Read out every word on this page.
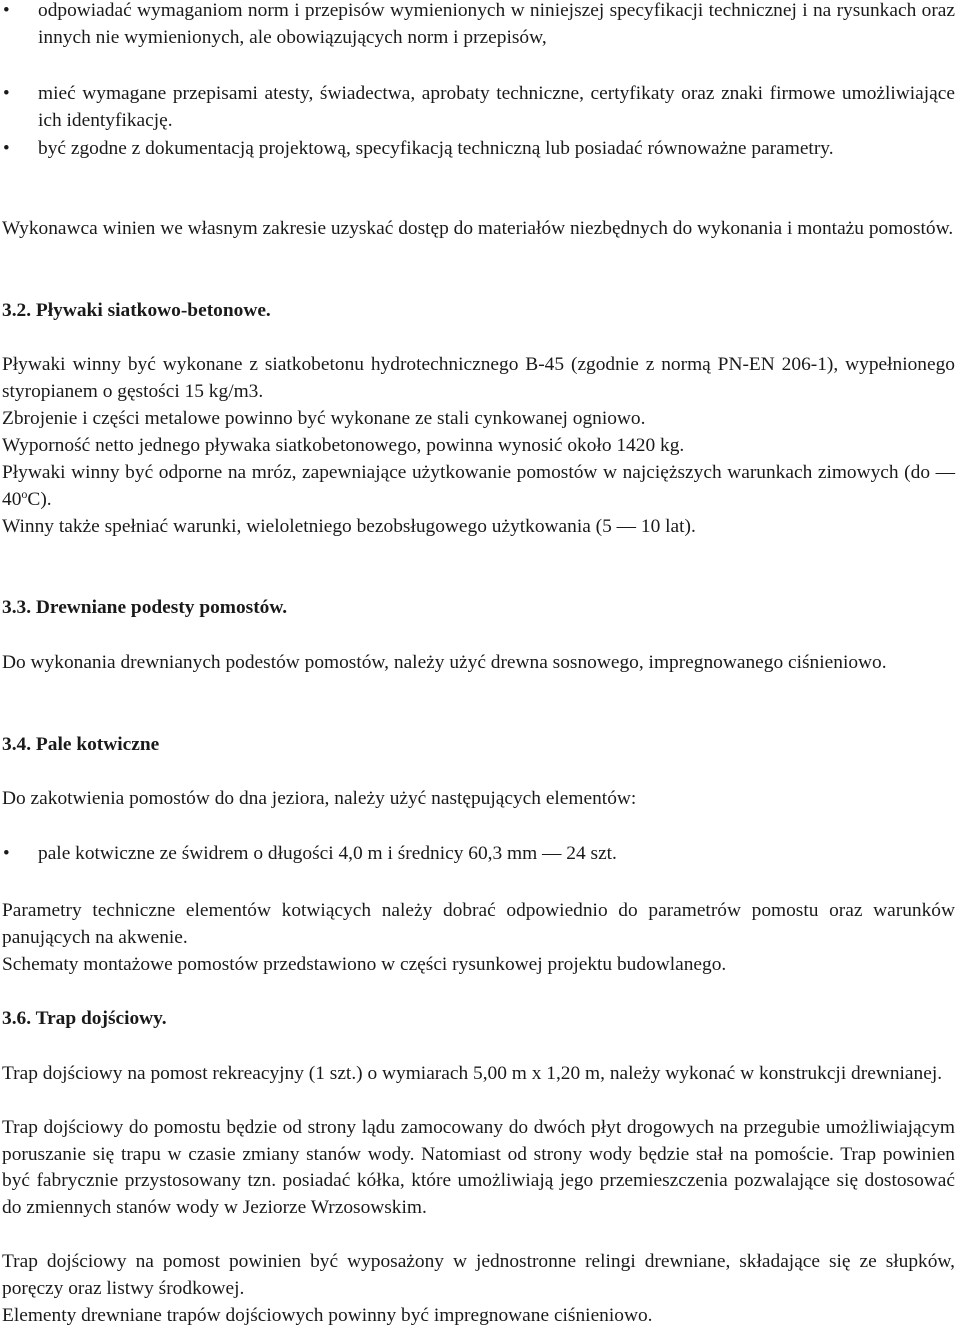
• odpowiadać wymaganiom norm i przepisów wymienionych w niniejszej specyfikacji technicznej i na rysunkach oraz innych nie wymienionych, ale obowiązujących norm i przepisów,
• mieć wymagane przepisami atesty, świadectwa, aprobaty techniczne, certyfikaty oraz znaki firmowe umożliwiające ich identyfikację.
• być zgodne z dokumentacją projektową, specyfikacją techniczną lub posiadać równoważne parametry.

Wykonawca winien we własnym zakresie uzyskać dostęp do materiałów niezbędnych do wykonania i montażu pomostów.

3.2. Pływaki siatkowo-betonowe.

Pływaki winny być wykonane z siatkobetonu hydrotechnicznego B-45 (zgodnie z normą PN-EN 206-1), wypełnionego styropianem o gęstości 15 kg/m3.

Zbrojenie i części metalowe powinno być wykonane ze stali cynkowanej ogniowo.

Wyporność netto jednego pływaka siatkobetonowego, powinna wynosić około 1420 kg.

Pływaki winny być odporne na mróz, zapewniające użytkowanie pomostów w najcięższych warunkach zimowych (do — 40$^o$C).

Winny także spełniać warunki, wieloletniego bezobsługowego użytkowania (5 — 10 lat).

3.3. Drewniane podesty pomostów.

Do wykonania drewnianych podestów pomostów, należy użyć drewna sosnowego, impregnowanego ciśnieniowo.

3.4. Pale kotwiczne

Do zakotwienia pomostów do dna jeziora, należy użyć następujących elementów:

• pale kotwiczne ze świdrem o długości 4,0 m i średnicy 60,3 mm — 24 szt.

Parametry techniczne elementów kotwiących należy dobrać odpowiednio do parametrów pomostu oraz warunków panujących na akwenie.

Schematy montażowe pomostów przedstawiono w części rysunkowej projektu budowlanego.

3.6. Trap dojściowy.

Trap dojściowy na pomost rekreacyjny (1 szt.) o wymiarach 5,00 m x 1,20 m, należy wykonać w konstrukcji drewnianej.

Trap dojściowy do pomostu będzie od strony lądu zamocowany do dwóch płyt drogowych na przegubie umożliwiającym poruszanie się trapu w czasie zmiany stanów wody. Natomiast od strony wody będzie stał na pomoście. Trap powinien być fabrycznie przystosowany tzn. posiadać kółka, które umożliwiają jego przemieszczenia pozwalające się dostosować do zmiennych stanów wody w Jeziorze Wrzosowskim.

Trap dojściowy na pomost powinien być wyposażony w jednostronne relingi drewniane, składające się ze słupków, poręczy oraz listwy środkowej.

Elementy drewniane trapów dojściowych powinny być impregnowane ciśnieniowo.
